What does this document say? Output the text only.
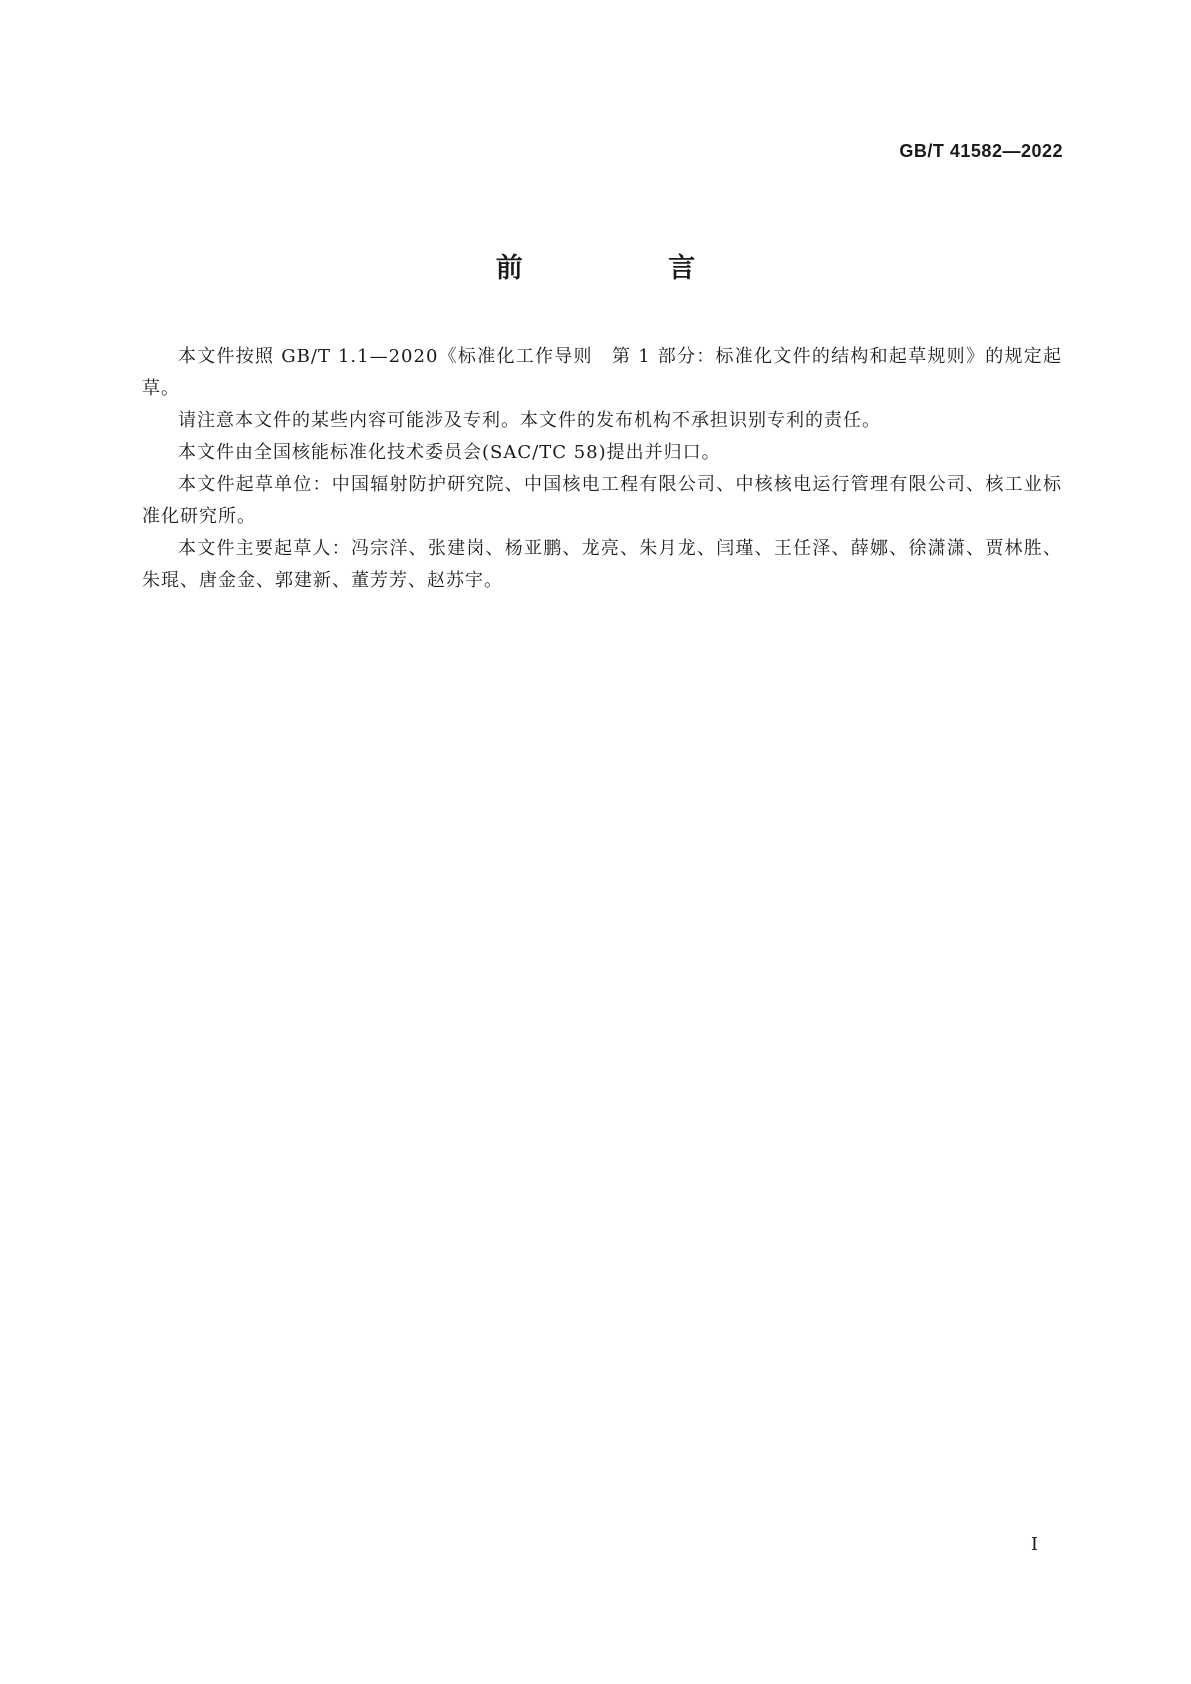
GB/T 41582—2022
前 言

本文件按照 GB/T 1.1—2020《标准化工作导则　第 1 部分：标准化文件的结构和起草规则》的规定起草。

请注意本文件的某些内容可能涉及专利。本文件的发布机构不承担识别专利的责任。

本文件由全国核能标准化技术委员会(SAC/TC 58)提出并归口。

本文件起草单位：中国辐射防护研究院、中国核电工程有限公司、中核核电运行管理有限公司、核工业标准化研究所。

本文件主要起草人：冯宗洋、张建岗、杨亚鹏、龙亮、朱月龙、闫瑾、王任泽、薛娜、徐潇潇、贾林胜、朱琨、唐金金、郭建新、董芳芳、赵苏宇。

Ⅰ
